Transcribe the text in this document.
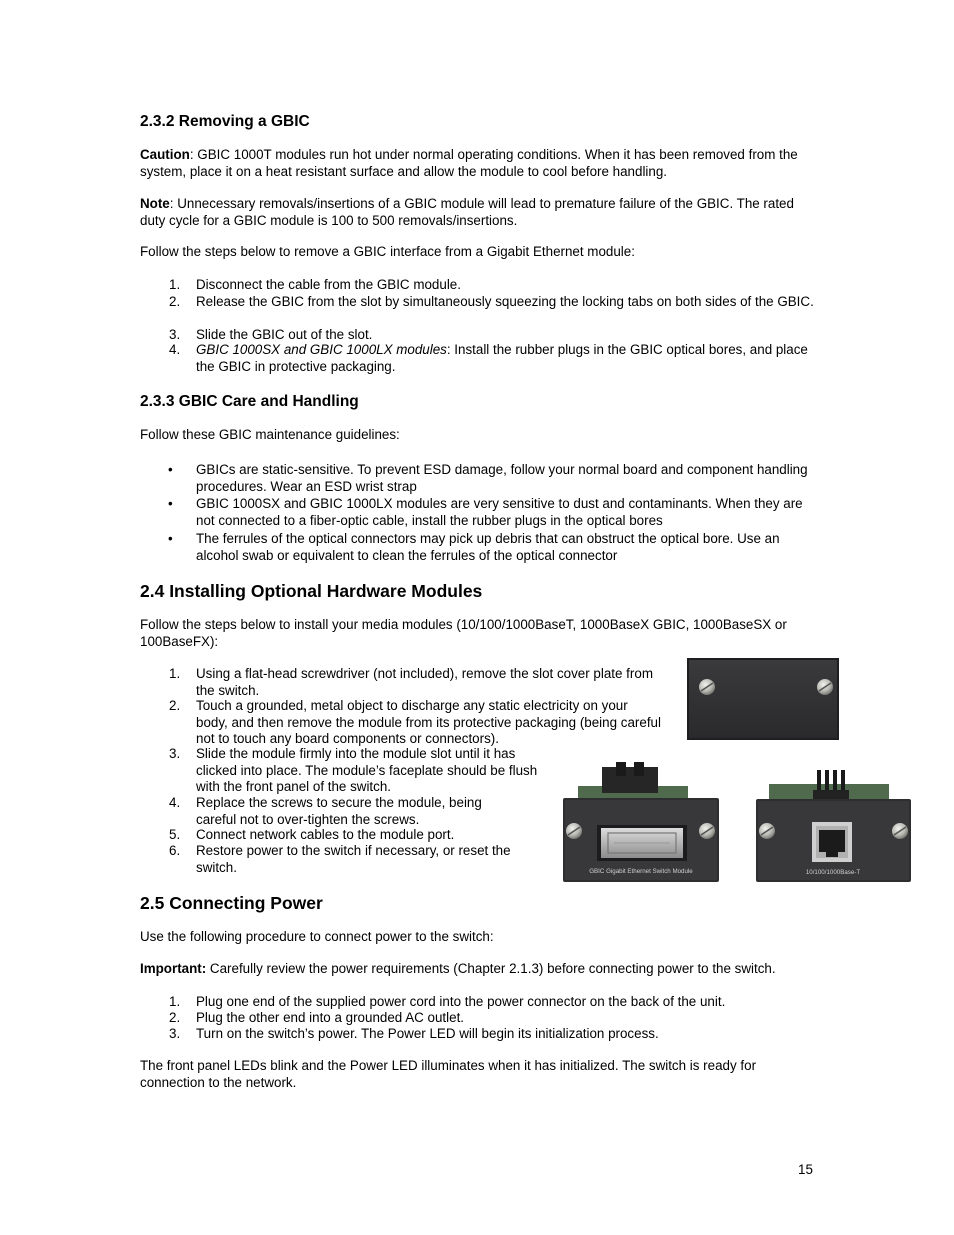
2.3.2 Removing a GBIC

Caution: GBIC 1000T modules run hot under normal operating conditions. When it has been removed from the system, place it on a heat resistant surface and allow the module to cool before handling.

Note: Unnecessary removals/insertions of a GBIC module will lead to premature failure of the GBIC. The rated duty cycle for a GBIC module is 100 to 500 removals/insertions.

Follow the steps below to remove a GBIC interface from a Gigabit Ethernet module:

1. Disconnect the cable from the GBIC module.
2. Release the GBIC from the slot by simultaneously squeezing the locking tabs on both sides of the GBIC.
3. Slide the GBIC out of the slot.
4. GBIC 1000SX and GBIC 1000LX modules: Install the rubber plugs in the GBIC optical bores, and place the GBIC in protective packaging.
2.3.3 GBIC Care and Handling

Follow these GBIC maintenance guidelines:

• GBICs are static-sensitive. To prevent ESD damage, follow your normal board and component handling procedures. Wear an ESD wrist strap
• GBIC 1000SX and GBIC 1000LX modules are very sensitive to dust and contaminants. When they are not connected to a fiber-optic cable, install the rubber plugs in the optical bores
• The ferrules of the optical connectors may pick up debris that can obstruct the optical bore. Use an alcohol swab or equivalent to clean the ferrules of the optical connector
2.4 Installing Optional Hardware Modules

Follow the steps below to install your media modules (10/100/1000BaseT, 1000BaseX GBIC, 1000BaseSX or 100BaseFX):

1. Using a flat-head screwdriver (not included), remove the slot cover plate from the switch.
2. Touch a grounded, metal object to discharge any static electricity on your body, and then remove the module from its protective packaging (being careful not to touch any board components or connectors).
3. Slide the module firmly into the module slot until it has clicked into place. The module’s faceplate should be flush with the front panel of the switch.
4. Replace the screws to secure the module, being careful not to over-tighten the screws.
5. Connect network cables to the module port.
6. Restore power to the switch if necessary, or reset the switch.	GBIC Gigabit Ethernet Switch Module	10/100/1000Base-T
2.5 Connecting Power

Use the following procedure to connect power to the switch:

Important: Carefully review the power requirements (Chapter 2.1.3) before connecting power to the switch.

1. Plug one end of the supplied power cord into the power connector on the back of the unit.
2. Plug the other end into a grounded AC outlet.
3. Turn on the switch’s power. The Power LED will begin its initialization process.

The front panel LEDs blink and the Power LED illuminates when it has initialized. The switch is ready for connection to the network.

15
